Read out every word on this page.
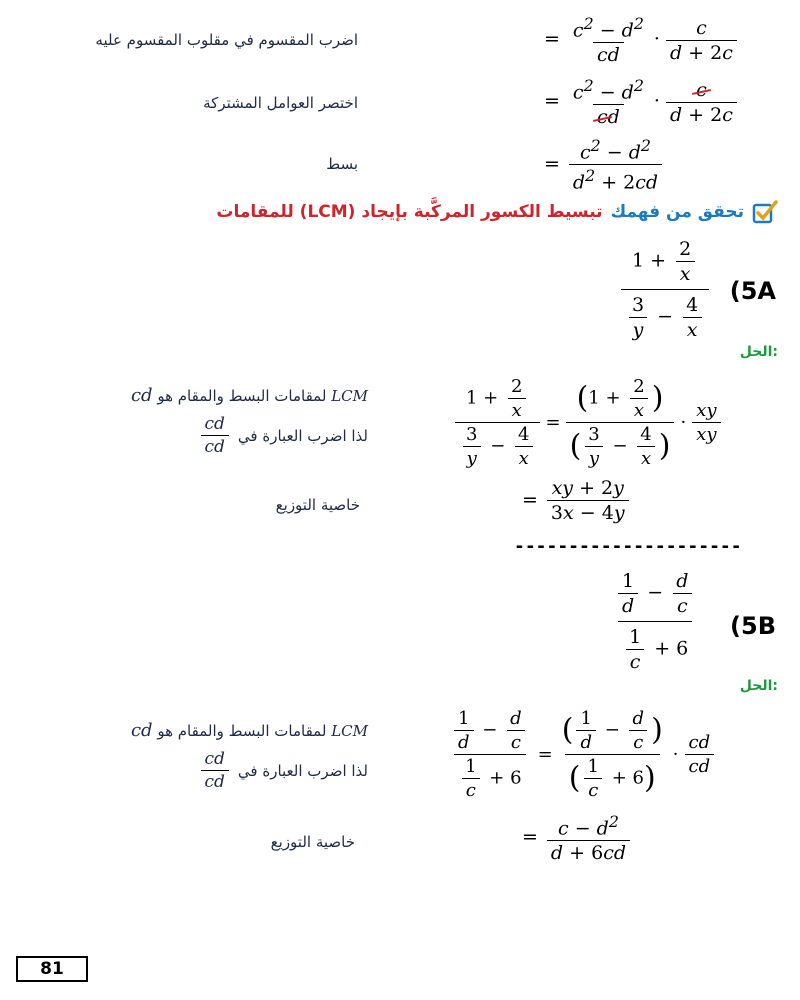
اضرب المقسوم في مقلوب المقسوم عليه	= $\frac{c^2 - d^2}{cd} \cdot \frac{c}{d + 2c}$
اختصر العوامل المشتركة	= $\frac{c^2 - d^2}{cd} \cdot \frac{c}{d + 2c}$
بسط	= $\frac{c^2 - d^2}{d^2 + 2cd}$
تحقق من فهمك
تبسيط الكسور المركَّبة بإيجاد (LCM) للمقامات
(5A
$\frac{1 + \frac{2}{x}}{\frac{3}{y} - \frac{4}{x}}$
الحل:
LCM لمقامات البسط والمقام هو cd
لذا اضرب العبارة في
$\frac{cd}{cd}$
خاصية التوزيع
$\frac{1 + \frac{2}{x}}{\frac{3}{y} - \frac{4}{x}} = \frac{(1 + \frac{2}{x} )}{( \frac{3}{y} - \frac{4}{x} )} \cdot \frac{xy}{xy}$
= $\frac{xy + 2y}{3x - 4y}$
---------------------
(5B
$\frac{\frac{1}{d} - \frac{d}{c}}{\frac{1}{c} + 6}$
الحل:
LCM لمقامات البسط والمقام هو cd
لذا اضرب العبارة في
$\frac{cd}{cd}$
خاصية التوزيع
$\frac{\frac{1}{d} - \frac{d}{c}}{\frac{1}{c} + 6} = \frac{( \frac{1}{d} - \frac{d}{c} )}{( \frac{1}{c} + 6)} \cdot \frac{cd}{cd}$
= $\frac{c - d^2}{d + 6cd}$
81
